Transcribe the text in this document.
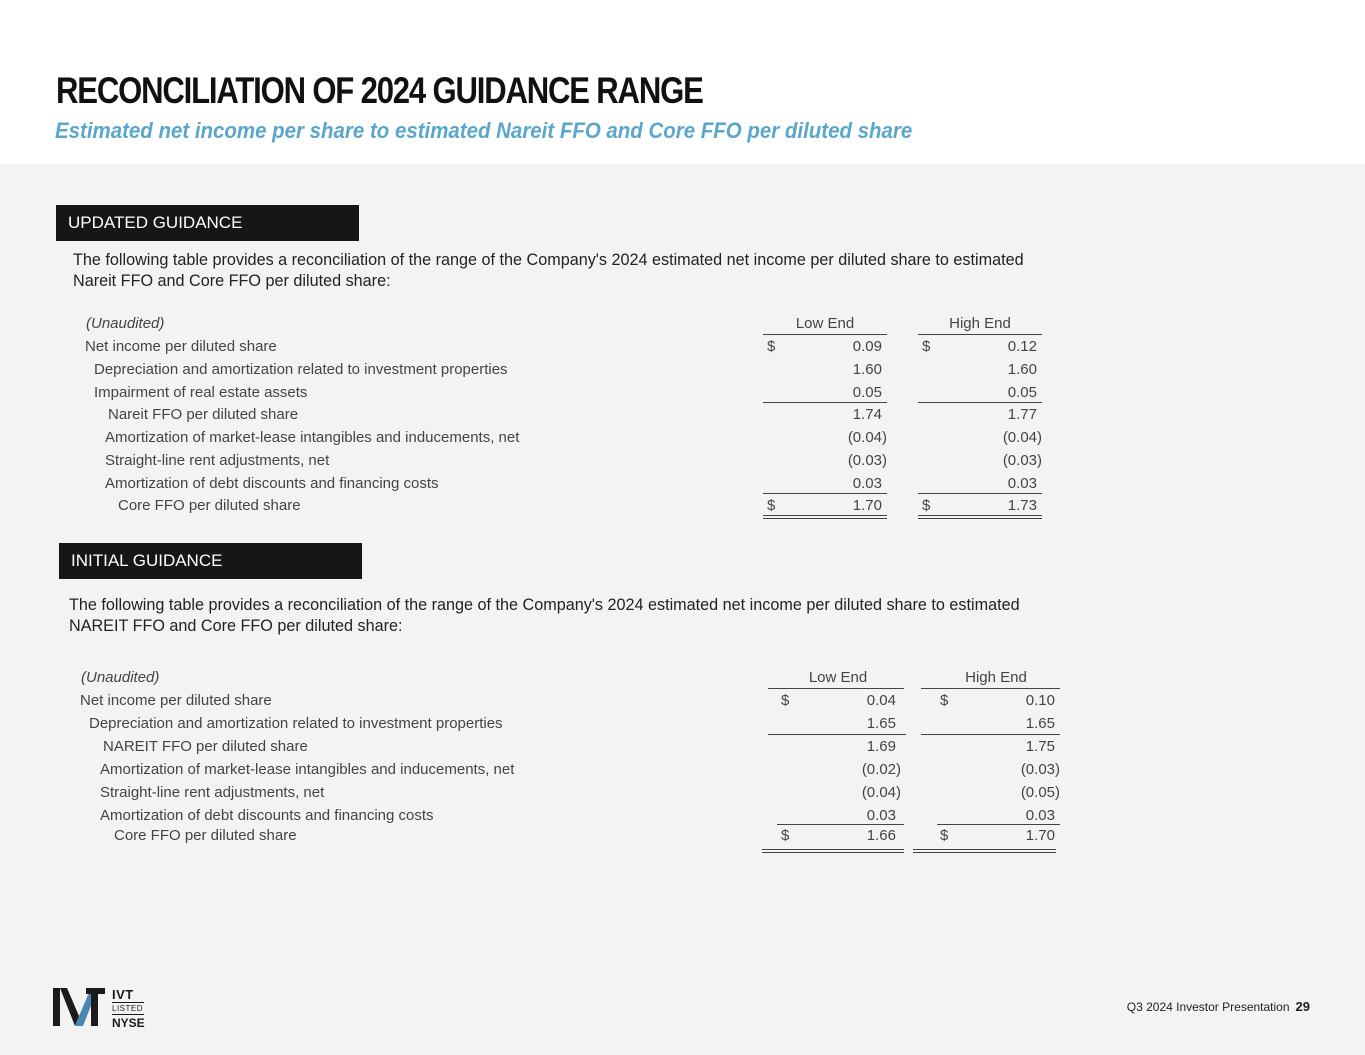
RECONCILIATION OF 2024 GUIDANCE RANGE
Estimated net income per share to estimated Nareit FFO and Core FFO per diluted share
UPDATED GUIDANCE
The following table provides a reconciliation of the range of the Company's 2024 estimated net income per diluted share to estimated
Nareit FFO and Core FFO per diluted share:
(Unaudited)	Low End	High End
Net income per diluted share	$	0.09	$	0.12
Depreciation and amortization related to investment properties	1.60	1.60
Impairment of real estate assets	0.05	0.05
Nareit FFO per diluted share	1.74	1.77
Amortization of market-lease intangibles and inducements, net	(0.04)	(0.04)
Straight-line rent adjustments, net	(0.03)	(0.03)
Amortization of debt discounts and financing costs	0.03	0.03
Core FFO per diluted share	$	1.70	$	1.73
INITIAL GUIDANCE
The following table provides a reconciliation of the range of the Company's 2024 estimated net income per diluted share to estimated
NAREIT FFO and Core FFO per diluted share:
(Unaudited)	Low End	High End
Net income per diluted share	$	0.04	$	0.10
Depreciation and amortization related to investment properties	1.65	1.65
NAREIT FFO per diluted share	1.69	1.75
Amortization of market-lease intangibles and inducements, net	(0.02)	(0.03)
Straight-line rent adjustments, net	(0.04)	(0.05)
Amortization of debt discounts and financing costs	0.03	0.03
Core FFO per diluted share	$	1.66	$	1.70
IVT
LISTED
NYSE
Q3 2024 Investor Presentation 29
